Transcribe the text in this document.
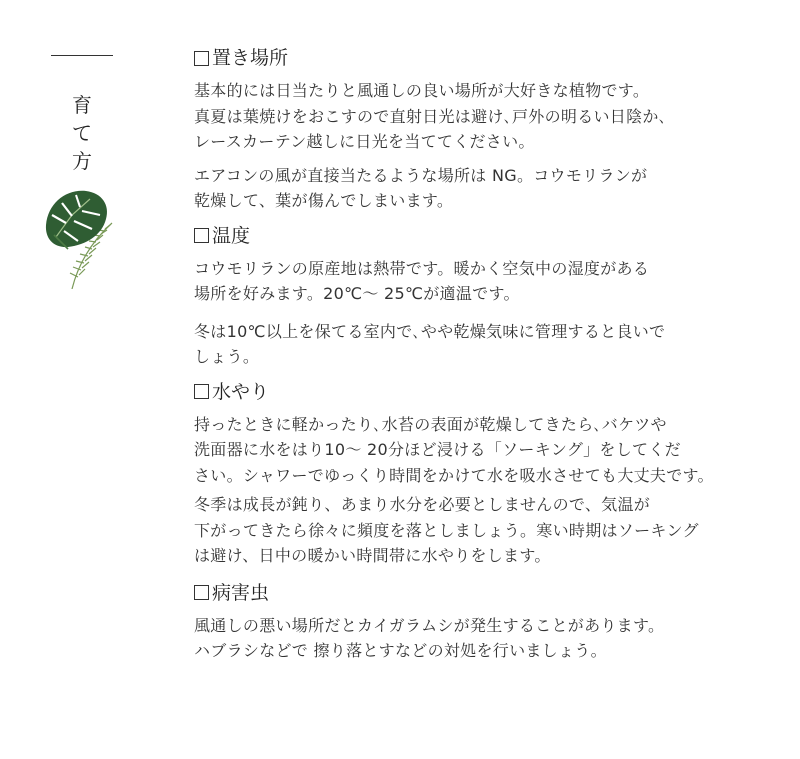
育
て
方
置き場所

基本的には日当たりと風通しの良い場所が大好きな植物です。
真夏は葉焼けをおこすので直射日光は避け､戸外の明るい日陰か､
レースカーテン越しに日光を当ててください。

エアコンの風が直接当たるような場所は NG。コウモリランが
乾燥して、葉が傷んでしまいます。

温度

コウモリランの原産地は熱帯です。暖かく空気中の湿度がある
場所を好みます。20℃～ 25℃が適温です。

冬は10℃以上を保てる室内で､やや乾燥気味に管理すると良いで
しょう。

水やり

持ったときに軽かったり､水苔の表面が乾燥してきたら､バケツや
洗面器に水をはり10～ 20分ほど浸ける「ソーキング」をしてくだ
さい。シャワーでゆっくり時間をかけて水を吸水させても大丈夫です。

冬季は成長が鈍り、あまり水分を必要としませんので、気温が
下がってきたら徐々に頻度を落としましょう。寒い時期はソーキング
は避け、日中の暖かい時間帯に水やりをします。

病害虫

風通しの悪い場所だとカイガラムシが発生することがあります。
ハブラシなどで 擦り落とすなどの対処を行いましょう。
